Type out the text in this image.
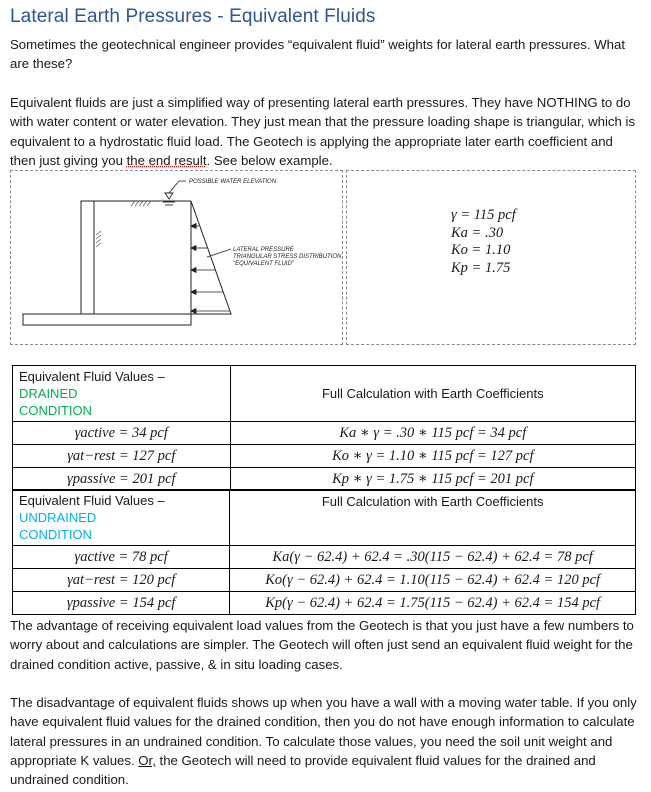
Lateral Earth Pressures - Equivalent Fluids
Sometimes the geotechnical engineer provides “equivalent fluid” weights for lateral earth pressures. What are these?
Equivalent fluids are just a simplified way of presenting lateral earth pressures. They have NOTHING to do with water content or water elevation. They just mean that the pressure loading shape is triangular, which is equivalent to a hydrostatic fluid load. The Geotech is applying the appropriate later earth coefficient and then just giving you the end result. See below example.
POSSIBLE WATER ELEVATION
LATERAL PRESSURE
TRIANGULAR STRESS DISTRIBUTION
"EQUIVALENT FLUID"
γ = 115 pcf
Ka = .30
Ko = 1.10
Kp = 1.75
Equivalent Fluid Values – DRAINED
CONDITION	Full Calculation with Earth Coefficients
γactive = 34 pcf	Ka ∗ γ = .30 ∗ 115 pcf = 34 pcf
γat−rest = 127 pcf	Ko ∗ γ = 1.10 ∗ 115 pcf = 127 pcf
γpassive = 201 pcf	Kp ∗ γ = 1.75 ∗ 115 pcf = 201 pcf
Equivalent Fluid Values – UNDRAINED
CONDITION	Full Calculation with Earth Coefficients
γactive = 78 pcf	Ka(γ − 62.4) + 62.4 = .30(115 − 62.4) + 62.4 = 78 pcf
γat−rest = 120 pcf	Ko(γ − 62.4) + 62.4 = 1.10(115 − 62.4) + 62.4 = 120 pcf
γpassive = 154 pcf	Kp(γ − 62.4) + 62.4 = 1.75(115 − 62.4) + 62.4 = 154 pcf
The advantage of receiving equivalent load values from the Geotech is that you just have a few numbers to worry about and calculations are simpler. The Geotech will often just send an equivalent fluid weight for the drained condition active, passive, & in situ loading cases.
The disadvantage of equivalent fluids shows up when you have a wall with a moving water table. If you only have equivalent fluid values for the drained condition, then you do not have enough information to calculate lateral pressures in an undrained condition. To calculate those values, you need the soil unit weight and appropriate K values. Or, the Geotech will need to provide equivalent fluid values for the drained and undrained condition.
